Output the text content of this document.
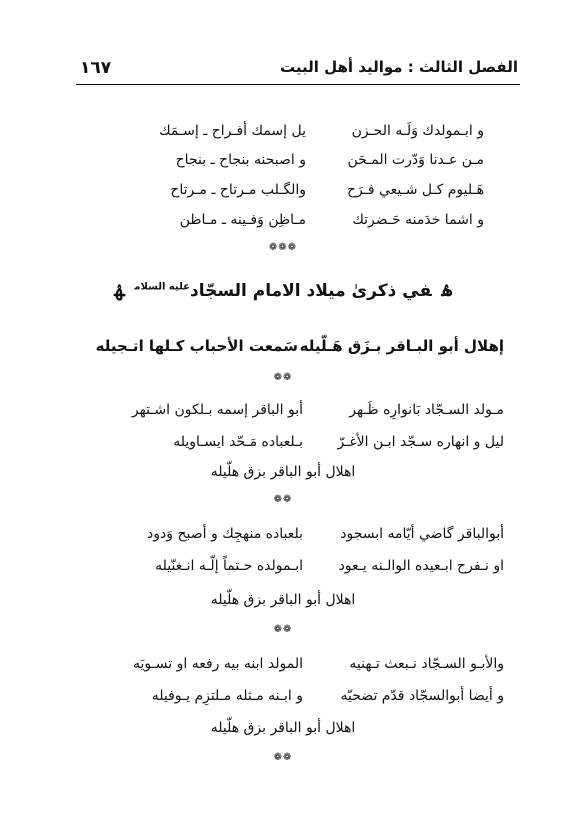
الفصل الثالث : مواليد أهل البيت
١٦٧
و ابـمولدك وَلَـه الحـزن
يل إسمك أفـراح ـ إسـمَك
مـن عـدنا وَدّرت المـحَن
و اصبحنه بنجاح ـ بنجاح
هَـليوم كـل شـيعي فـرَح
والگـلب مـرتاح ـ مـرتاح
و اشما خدَمنه حَـضرتك
مـاظِن وَفـينه ـ مـاظن
❁❁❁
ۿفي ذكرىٰ ميلاد الامام السجّاد$^{عليه السلام}$ۿ
إهلال أبو البـاقر بـزَق هَـلّيله
سَمعت الأحباب كـلها اتـجيله
❁❁
مـولد السـجّاد بَانوارِه ظَـهر
أبو الباقر إسمه بـلكون اشـتهر
ليل و انهاره سـجّد ابـن الأغـرّ
بـلعباده مَـحّد ايسـاويله
اهلال أبو الباقر بزق هلّيله
❁❁
أبوالباقر گاضي أيّامه ابسجود
بلعباده منهجِك و أصبح وَدود
او نـفرح ابـعيده الوالـنه يـعود
ابـمولده حـتماً إلّـه انـغنّيله
اهلال أبو الباقر بزق هلّيله
❁❁
والأبـو السـجّاد نـبعث تـهنيه
المولد ابنه بيه رفعه او تسـويَه
و أيضا أبوالسجّاد قدّم تضحيّه
و ابـنه مـثله مـلتزِم يـوفيله
اهلال أبو الباقر بزق هلّيله
❁❁
